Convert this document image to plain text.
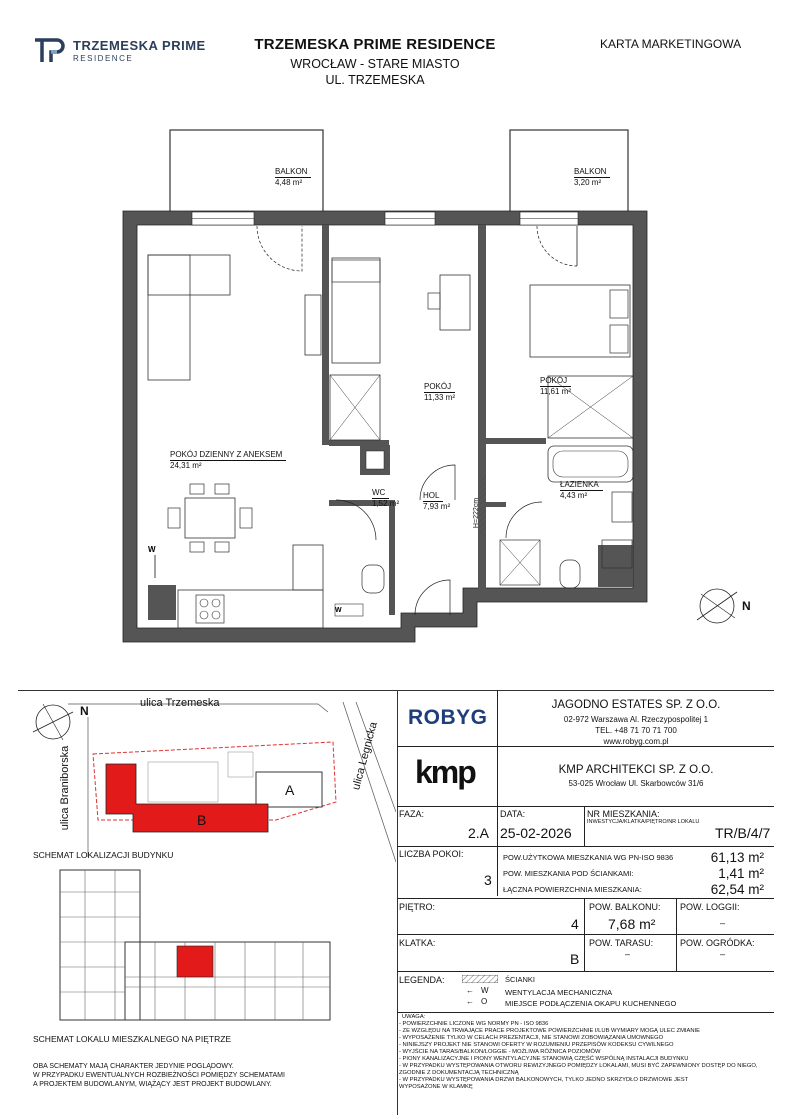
TRZEMESKA PRIME
RESIDENCE
TRZEMESKA PRIME RESIDENCE
WROCŁAW - STARE MIASTO
UL. TRZEMESKA
KARTA MARKETINGOWA
W
W
BALKON
4,48 m²
BALKON
3,20 m²
POKÓJ DZIENNY Z ANEKSEM
24,31 m²
POKÓJ
11,33 m²
POKÓJ
11,61 m²
WC
1,52 m²
HOL
7,93 m²
ŁAZIENKA
4,43 m²
H=222cm
N
ulica Trzemeska
ulica Braniborska	ulica Legnicka
A
B
N
SCHEMAT LOKALIZACJI BUDYNKU
SCHEMAT LOKALU MIESZKALNEGO NA PIĘTRZE
OBA SCHEMATY MAJĄ CHARAKTER JEDYNIE POGLĄDOWY.
W PRZYPADKU EWENTUALNYCH ROZBIEŻNOŚCI POMIĘDZY SCHEMATAMI
A PROJEKTEM BUDOWLANYM, WIĄŻĄCY JEST PROJEKT BUDOWLANY.
ROBYG
JAGODNO ESTATES SP. Z O.O.
02-972 Warszawa Al. Rzeczypospolitej 1
TEL. +48 71 70 71 700
www.robyg.com.pl
kmp	KMP ARCHITEKCI SP. Z O.O.
53-025 Wrocław Ul. Skarbowców 31/6
FAZA:
2.A
DATA:
25-02-2026
NR MIESZKANIA:
INWESTYCJA/KLATKA/PIĘTRO/NR LOKALU
TR/B/4/7
LICZBA POKOI:
3
POW.UŻYTKOWA MIESZKANIA WG PN-ISO 9836	61,13 m²
POW. MIESZKANIA POD ŚCIANKAMI:	1,41 m²
ŁĄCZNA POWIERZCHNIA MIESZKANIA:	62,54 m²
PIĘTRO:
4
POW. BALKONU:
7,68 m²
POW. LOGGII:
–
KLATKA:
B
POW. TARASU:
–
POW. OGRÓDKA:
–
LEGENDA:	ŚCIANKI
← W WENTYLACJA MECHANICZNA
← O MIEJSCE PODŁĄCZENIA OKAPU KUCHENNEGO
UWAGA:
- POWIERZCHNIE LICZONE WG NORMY PN - ISO 9836
- ZE WZGLĘDU NA TRWAJĄCE PRACE PROJEKTOWE POWIERZCHNIE I/LUB WYMIARY MOGĄ ULEC ZMIANIE
- WYPOSAŻENIE TYLKO W CELACH PREZENTACJI, NIE STANOWI ZOBOWIĄZANIA UMOWNEGO
- NINIEJSZY PROJEKT NIE STANOWI OFERTY W ROZUMIENIU PRZEPISÓW KODEKSU CYWILNEGO
- WYJŚCIE NA TARAS/BALKON/LOGGIE - MOŻLIWA RÓŻNICA POZIOMÓW
- PIONY KANALIZACYJNE I PIONY WENTYLACYJNE STANOWIĄ CZĘŚĆ WSPÓLNĄ INSTALACJI BUDYNKU
- W PRZYPADKU WYSTĘPOWANIA OTWORU REWIZYJNEGO POMIĘDZY LOKALAMI, MUSI BYĆ ZAPEWNIONY DOSTĘP DO NIEGO,
ZGODNIE Z DOKUMENTACJĄ TECHNICZNĄ
- W PRZYPADKU WYSTĘPOWANIA DRZWI BALKONOWYCH, TYLKO JEDNO SKRZYDŁO DRZWIOWE JEST
WYPOSAŻONE W KLAMKĘ
